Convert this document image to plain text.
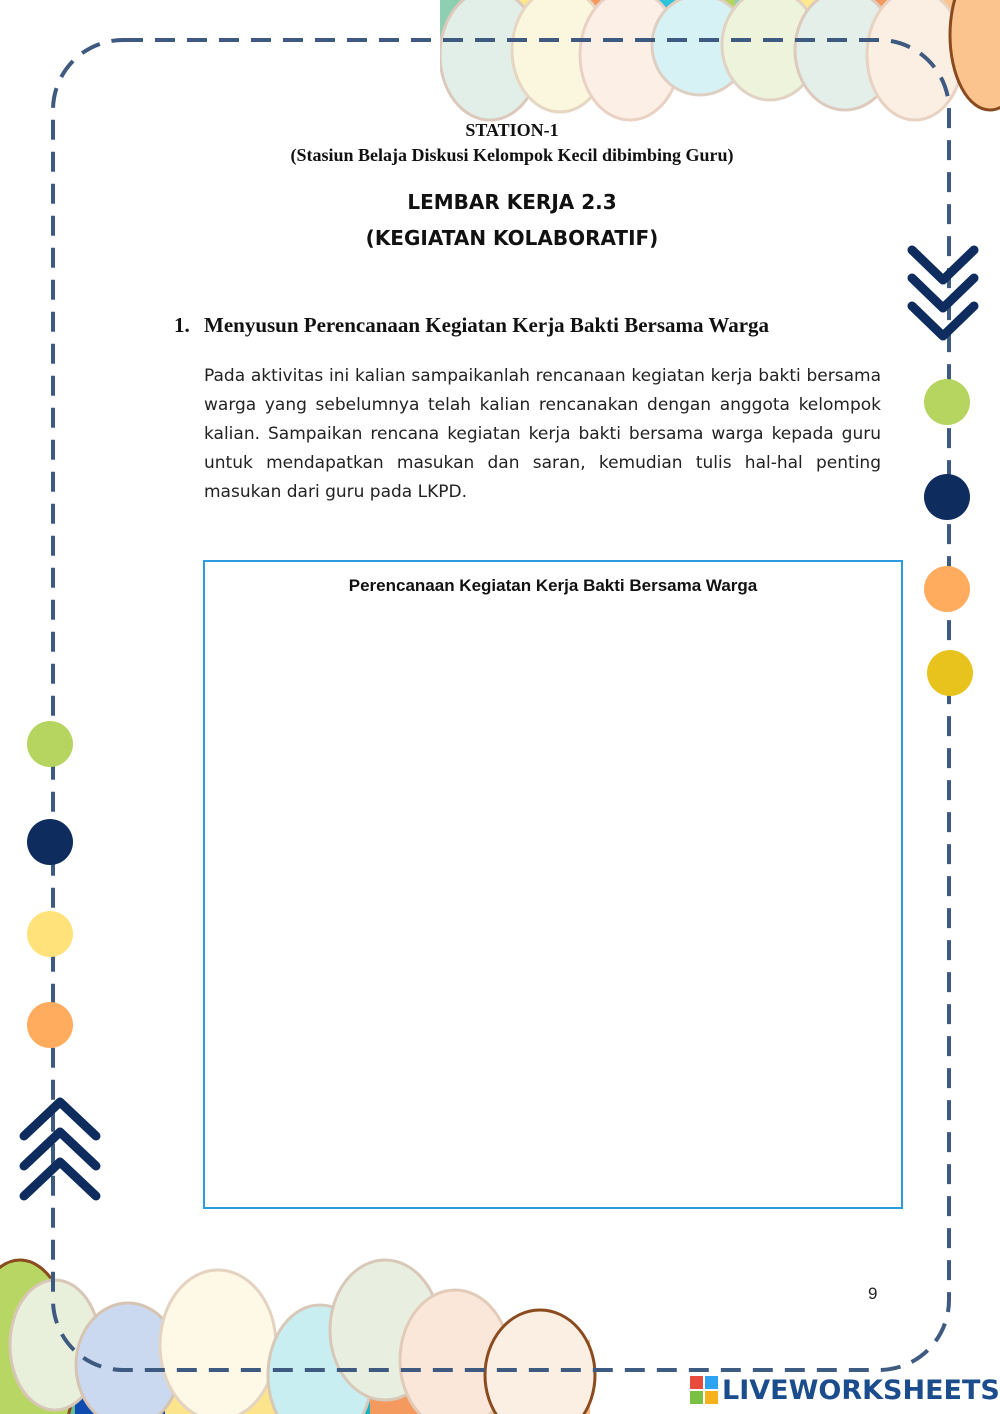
STATION-1
(Stasiun Belaja Diskusi Kelompok Kecil dibimbing Guru)
LEMBAR KERJA 2.3
(KEGIATAN KOLABORATIF)
1. Menyusun Perencanaan Kegiatan Kerja Bakti Bersama Warga
Pada aktivitas ini kalian sampaikanlah rencanaan kegiatan kerja bakti bersama warga yang sebelumnya telah kalian rencanakan dengan anggota kelompok kalian. Sampaikan rencana kegiatan kerja bakti bersama warga kepada guru untuk mendapatkan masukan dan saran, kemudian tulis hal-hal penting masukan dari guru pada LKPD.
Perencanaan Kegiatan Kerja Bakti Bersama Warga
9
LIVEWORKSHEETS
